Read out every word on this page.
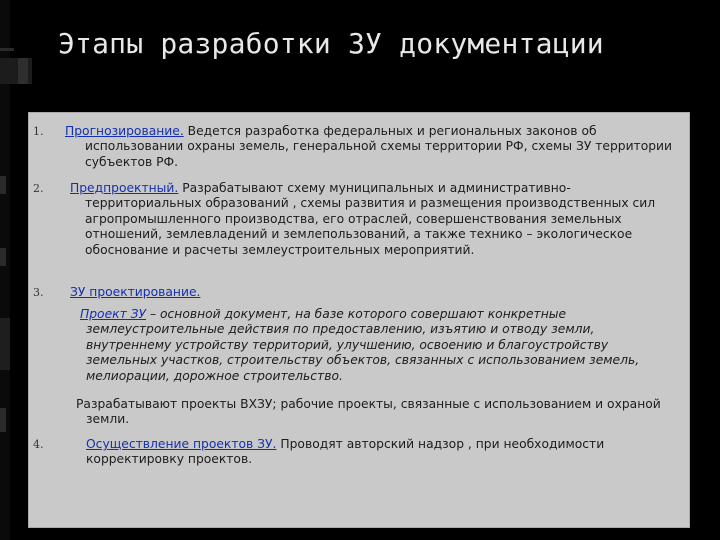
Этапы разработки ЗУ документации
1. Прогнозирование. Ведется разработка федеральных и региональных законов об использовании охраны земель, генеральной схемы территории РФ, схемы ЗУ территории субъектов РФ.
2. Предпроектный. Разрабатывают схему муниципальных и административно-территориальных образований , схемы развития и размещения производственных сил агропромышленного производства, его отраслей, совершенствования земельных отношений, землевладений и землепользований, а также технико – экологическое обоснование и расчеты землеустроительных мероприятий.
3. ЗУ проектирование.
Проект ЗУ – основной документ, на базе которого совершают конкретные землеустроительные действия по предоставлению, изъятию и отводу земли, внутреннему устройству территорий, улучшению, освоению и благоустройству земельных участков, строительству объектов, связанных с использованием земель, мелиорации, дорожное строительство.
Разрабатывают проекты ВХЗУ; рабочие проекты, связанные с использованием и охраной земли.
4.	Осуществление проектов ЗУ. Проводят авторский надзор , при необходимости корректировку проектов.
